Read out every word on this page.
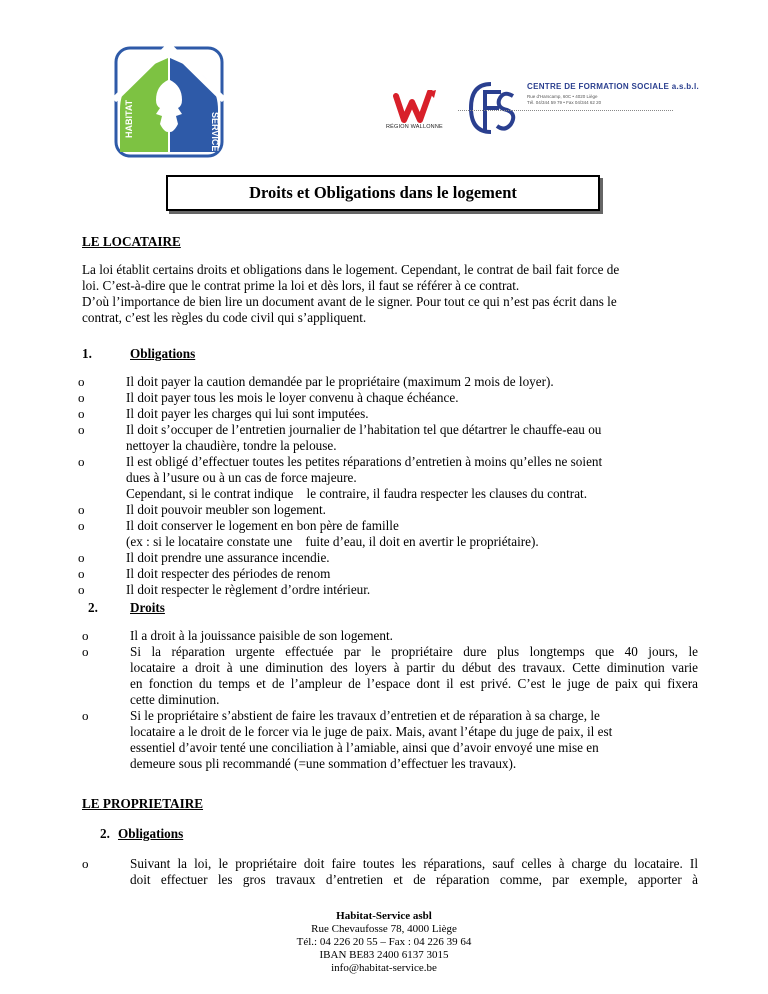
HABITAT	SERVICE	RÉGION WALLONNE
CENTRE DE FORMATION SOCIALE a.s.b.l.
Rue d'Harscamp, 60C • 4020 Liège
Tél. 04/344 59 79 • Fax 04/344 62 20
Droits et Obligations dans le logement
LE LOCATAIRE
La loi établit certains droits et obligations dans le logement. Cependant, le contrat de bail fait force de
loi. C’est-à-dire que le contrat prime la loi et dès lors, il faut se référer à ce contrat.
D’où l’importance de bien lire un document avant de le signer. Pour tout ce qui n’est pas écrit dans le
contrat, c’est les règles du code civil qui s’appliquent.
1.	Obligations
o	Il doit payer la caution demandée par le propriétaire (maximum 2 mois de loyer).
o	Il doit payer tous les mois le loyer convenu à chaque échéance.
o	Il doit payer les charges qui lui sont imputées.
o	Il doit s’occuper de l’entretien journalier de l’habitation tel que détartrer le chauffe-eau ou
nettoyer la chaudière, tondre la pelouse.
o	Il est obligé d’effectuer toutes les petites réparations d’entretien à moins qu’elles ne soient
dues à l’usure ou à un cas de force majeure.
Cependant, si le contrat indique    le contraire, il faudra respecter les clauses du contrat.
o	Il doit pouvoir meubler son logement.
o	Il doit conserver le logement en bon père de famille
(ex : si le locataire constate une    fuite d’eau, il doit en avertir le propriétaire).
o	Il doit prendre une assurance incendie.
o	Il doit respecter des périodes de renom
o	Il doit respecter le règlement d’ordre intérieur.
2. Droits
o	Il a droit à la jouissance paisible de son logement.
o	Si la réparation urgente effectuée par le propriétaire dure plus longtemps que 40 jours, le
locataire a droit à une diminution des loyers à partir du début des travaux. Cette diminution varie
en fonction du temps et de l’ampleur de l’espace dont il est privé. C’est le juge de paix qui fixera
cette diminution.
o	Si le propriétaire s’abstient de faire les travaux d’entretien et de réparation à sa charge, le
locataire a le droit de le forcer via le juge de paix. Mais, avant l’étape du juge de paix, il est
essentiel d’avoir tenté une conciliation à l’amiable, ainsi que d’avoir envoyé une mise en
demeure sous pli recommandé (=une sommation d’effectuer les travaux).
LE PROPRIETAIRE
2. Obligations
o	Suivant la loi, le propriétaire doit faire toutes les réparations, sauf celles à charge du locataire. Il
doit effectuer les gros travaux d’entretien et de réparation comme, par exemple, apporter à
Habitat-Service asbl
Rue Chevaufosse 78, 4000 Liège
Tél.: 04 226 20 55 – Fax : 04 226 39 64
IBAN BE83 2400 6137 3015
info@habitat-service.be
